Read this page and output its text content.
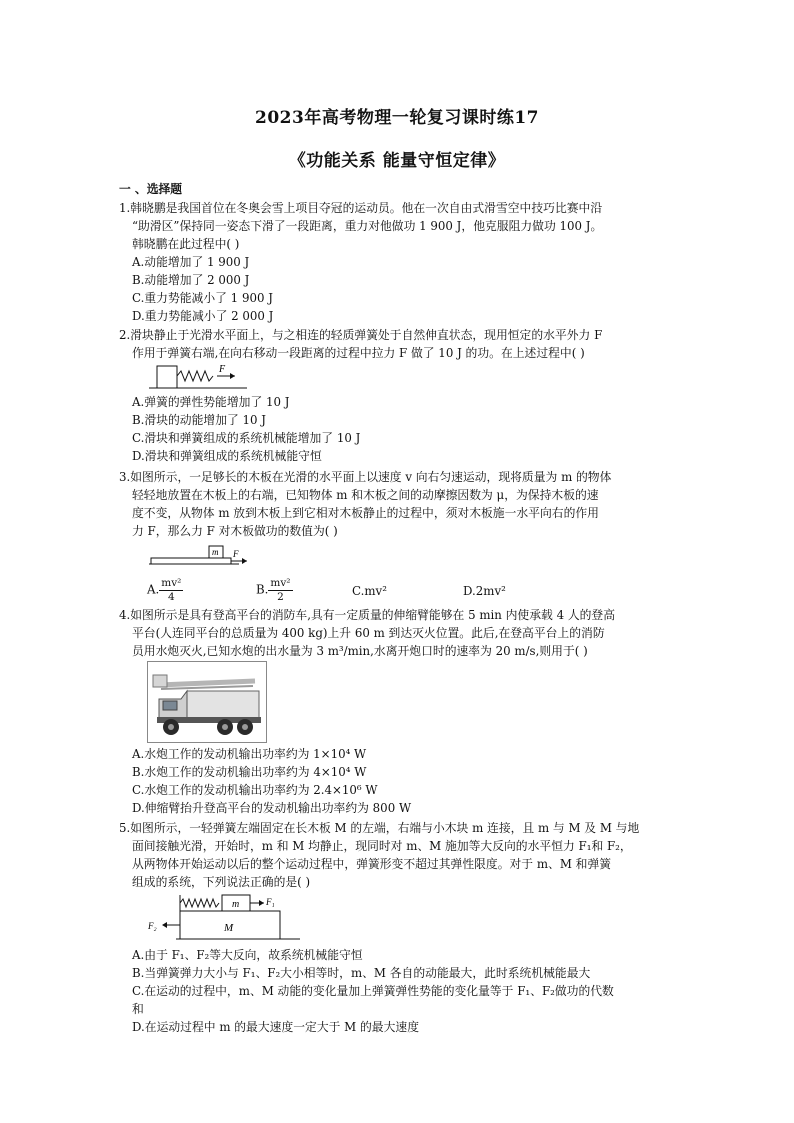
2023年高考物理一轮复习课时练17
《功能关系 能量守恒定律》
一 、选择题
1.韩晓鹏是我国首位在冬奥会雪上项目夺冠的运动员。他在一次自由式滑雪空中技巧比赛中沿
“助滑区”保持同一姿态下滑了一段距离，重力对他做功 1 900 J，他克服阻力做功 100 J。
韩晓鹏在此过程中( )
A.动能增加了 1 900 J
B.动能增加了 2 000 J
C.重力势能减小了 1 900 J
D.重力势能减小了 2 000 J
2.滑块静止于光滑水平面上，与之相连的轻质弹簧处于自然伸直状态，现用恒定的水平外力 F
作用于弹簧右端,在向右移动一段距离的过程中拉力 F 做了 10 J 的功。在上述过程中( )
F
A.弹簧的弹性势能增加了 10 J
B.滑块的动能增加了 10 J
C.滑块和弹簧组成的系统机械能增加了 10 J
D.滑块和弹簧组成的系统机械能守恒
3.如图所示，一足够长的木板在光滑的水平面上以速度 v 向右匀速运动，现将质量为 m 的物体
轻轻地放置在木板上的右端，已知物体 m 和木板之间的动摩擦因数为 μ，为保持木板的速
度不变，从物体 m 放到木板上到它相对木板静止的过程中，须对木板施一水平向右的作用
力 F，那么力 F 对木板做功的数值为( )
m F
A. $\frac{\text{mv²}}{4}$	B. $\frac{\text{mv²}}{2}$	C.mv²	D.2mv²
4.如图所示是具有登高平台的消防车,具有一定质量的伸缩臂能够在 5 min 内使承载 4 人的登高
平台(人连同平台的总质量为 400 kg)上升 60 m 到达灭火位置。此后,在登高平台上的消防
员用水炮灭火,已知水炮的出水量为 3 m³/min,水离开炮口时的速率为 20 m/s,则用于( )
A.水炮工作的发动机输出功率约为 1×10⁴ W
B.水炮工作的发动机输出功率约为 4×10⁴ W
C.水炮工作的发动机输出功率约为 2.4×10⁶ W
D.伸缩臂抬升登高平台的发动机输出功率约为 800 W
5.如图所示，一轻弹簧左端固定在长木板 M 的左端，右端与小木块 m 连接，且 m 与 M 及 M 与地
面间接触光滑，开始时，m 和 M 均静止，现同时对 m、M 施加等大反向的水平恒力 F₁和 F₂，
从两物体开始运动以后的整个运动过程中，弹簧形变不超过其弹性限度。对于 m、M 和弹簧
组成的系统，下列说法正确的是( )
m	F₁
M
F₂
A.由于 F₁、F₂等大反向，故系统机械能守恒
B.当弹簧弹力大小与 F₁、F₂大小相等时，m、M 各自的动能最大，此时系统机械能最大
C.在运动的过程中，m、M 动能的变化量加上弹簧弹性势能的变化量等于 F₁、F₂做功的代数
和
D.在运动过程中 m 的最大速度一定大于 M 的最大速度
